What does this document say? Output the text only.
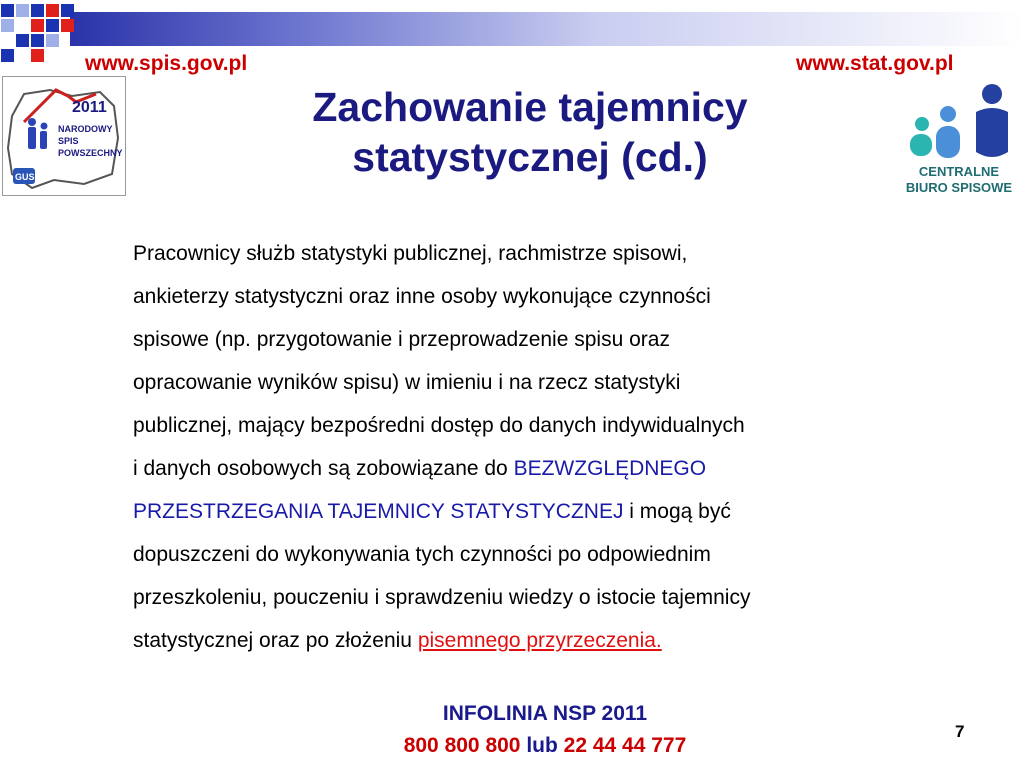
www.spis.gov.pl	www.stat.gov.pl
Zachowanie tajemnicy
statystycznej (cd.)
2011
NARODOWY
SPIS
POWSZECHNY
GUS	CENTRALNE
BIURO SPISOWE
Pracownicy służb statystyki publicznej, rachmistrze spisowi,
ankieterzy statystyczni oraz inne osoby wykonujące czynności
spisowe (np. przygotowanie i przeprowadzenie spisu oraz
opracowanie wyników spisu) w imieniu i na rzecz statystyki
publicznej, mający bezpośredni dostęp do danych indywidualnych
i danych osobowych są zobowiązane do BEZWZGLĘDNEGO
PRZESTRZEGANIA TAJEMNICY STATYSTYCZNEJ i mogą być
dopuszczeni do wykonywania tych czynności po odpowiednim
przeszkoleniu, pouczeniu i sprawdzeniu wiedzy o istocie tajemnicy
statystycznej oraz po złożeniu pisemnego przyrzeczenia.
INFOLINIA NSP 2011
800 800 800 lub 22 44 44 777
7
